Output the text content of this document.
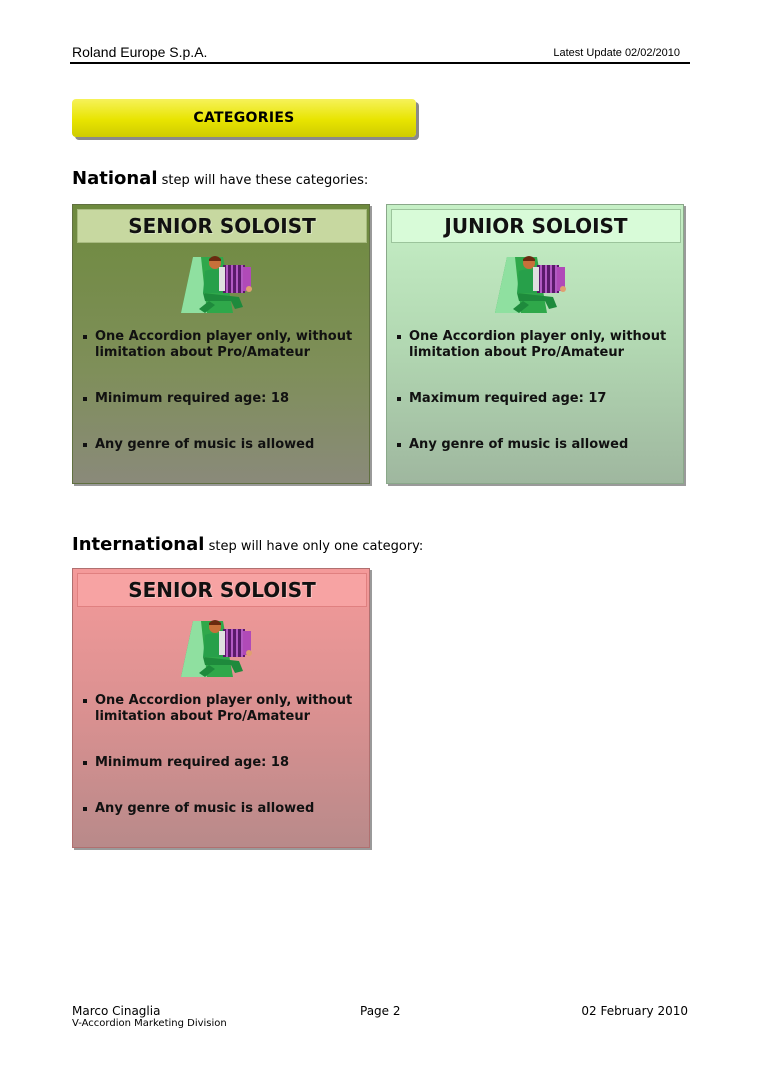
Roland Europe S.p.A.	Latest Update 02/02/2010
CATEGORIES
National step will have these categories:
SENIOR SOLOIST
One Accordion player only, without limitation about Pro/Amateur
Minimum required age: 18
Any genre of music is allowed
JUNIOR SOLOIST
One Accordion player only, without limitation about Pro/Amateur
Maximum required age: 17
Any genre of music is allowed
International step will have only one category:
SENIOR SOLOIST
One Accordion player only, without limitation about Pro/Amateur
Minimum required age: 18
Any genre of music is allowed
Marco Cinaglia
V-Accordion Marketing Division
Page 2	02 February 2010
